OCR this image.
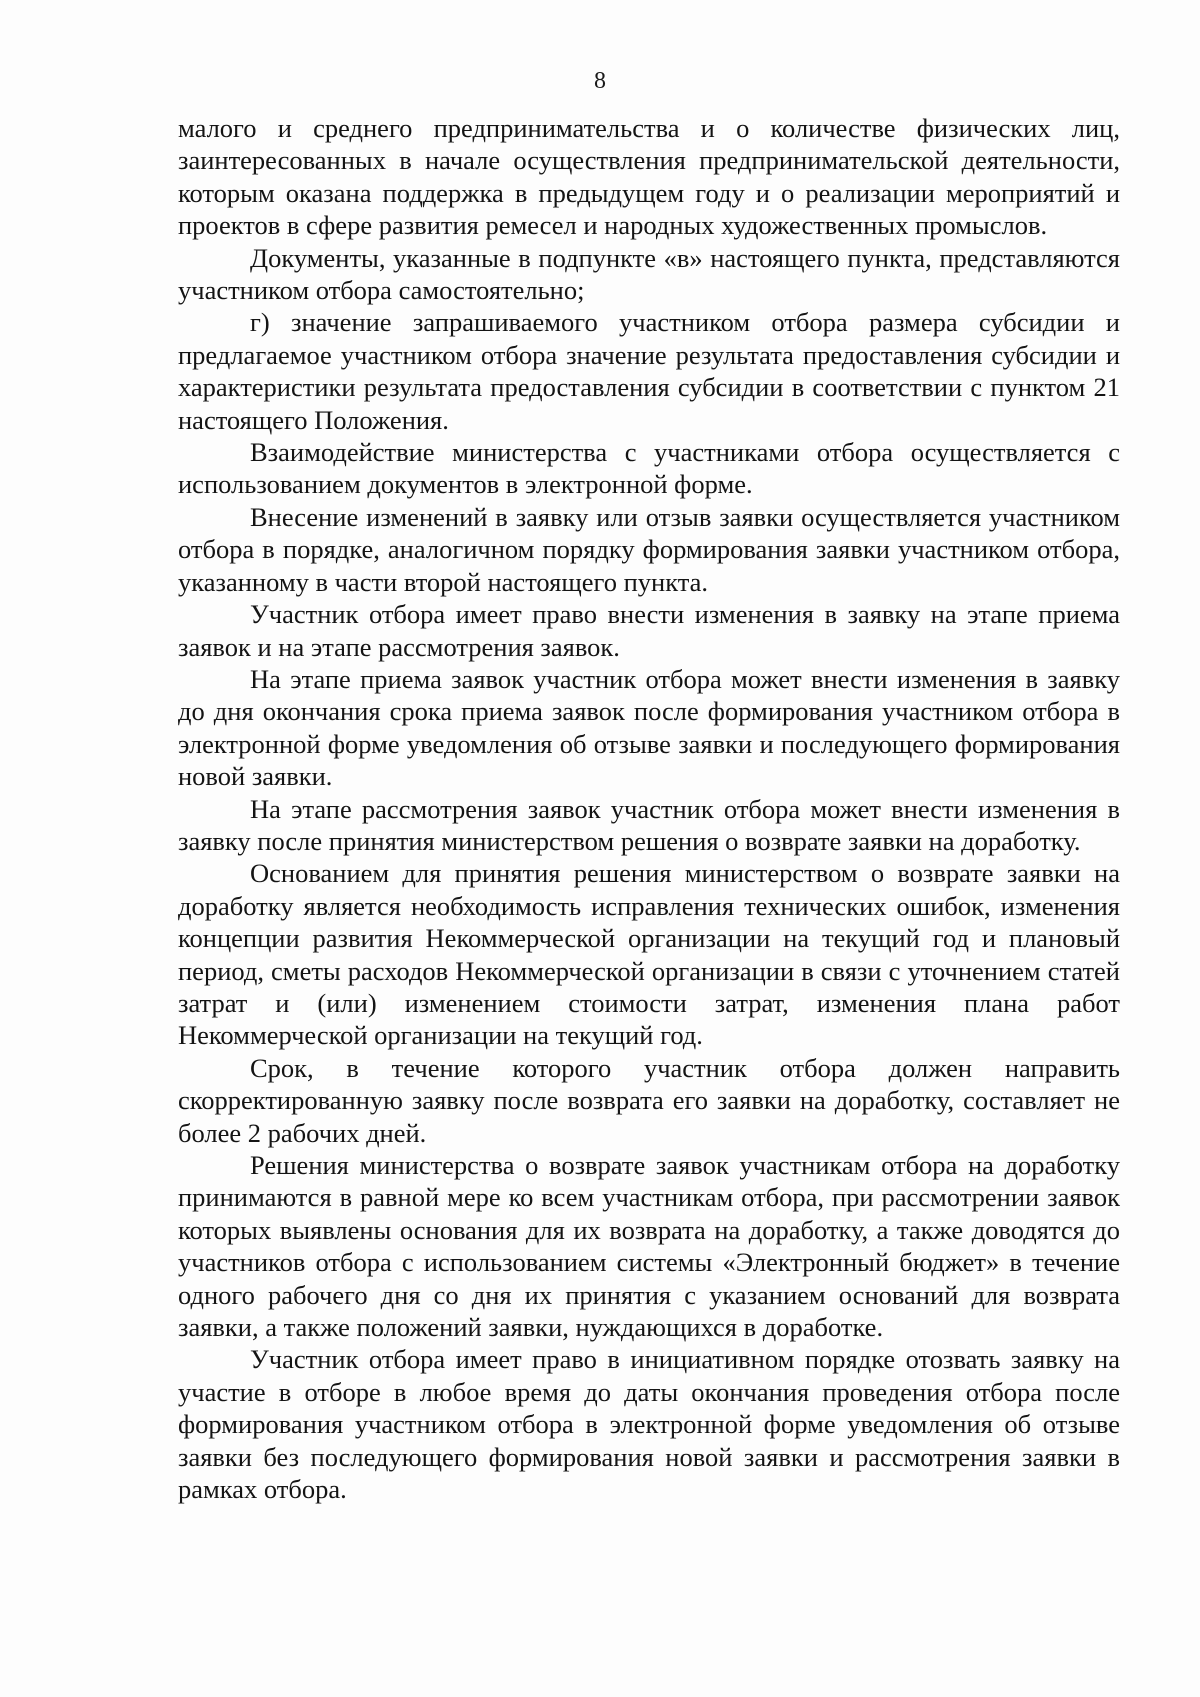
8

малого и среднего предпринимательства и о количестве физических лиц, заинтересованных в начале осуществления предпринимательской деятельности, которым оказана поддержка в предыдущем году и о реализации мероприятий и проектов в сфере развития ремесел и народных художественных промыслов.

Документы, указанные в подпункте «в» настоящего пункта, представляются участником отбора самостоятельно;

г) значение запрашиваемого участником отбора размера субсидии и предлагаемое участником отбора значение результата предоставления субсидии и характеристики результата предоставления субсидии в соответствии с пунктом 21 настоящего Положения.

Взаимодействие министерства с участниками отбора осуществляется с использованием документов в электронной форме.

Внесение изменений в заявку или отзыв заявки осуществляется участником отбора в порядке, аналогичном порядку формирования заявки участником отбора, указанному в части второй настоящего пункта.

Участник отбора имеет право внести изменения в заявку на этапе приема заявок и на этапе рассмотрения заявок.

На этапе приема заявок участник отбора может внести изменения в заявку до дня окончания срока приема заявок после формирования участником отбора в электронной форме уведомления об отзыве заявки и последующего формирования новой заявки.

На этапе рассмотрения заявок участник отбора может внести изменения в заявку после принятия министерством решения о возврате заявки на доработку.

Основанием для принятия решения министерством о возврате заявки на доработку является необходимость исправления технических ошибок, изменения концепции развития Некоммерческой организации на текущий год и плановый период, сметы расходов Некоммерческой организации в связи с уточнением статей затрат и (или) изменением стоимости затрат, изменения плана работ Некоммерческой организации на текущий год.

Срок, в течение которого участник отбора должен направить скорректированную заявку после возврата его заявки на доработку, составляет не более 2 рабочих дней.

Решения министерства о возврате заявок участникам отбора на доработку принимаются в равной мере ко всем участникам отбора, при рассмотрении заявок которых выявлены основания для их возврата на доработку, а также доводятся до участников отбора с использованием системы «Электронный бюджет» в течение одного рабочего дня со дня их принятия с указанием оснований для возврата заявки, а также положений заявки, нуждающихся в доработке.

Участник отбора имеет право в инициативном порядке отозвать заявку на участие в отборе в любое время до даты окончания проведения отбора после формирования участником отбора в электронной форме уведомления об отзыве заявки без последующего формирования новой заявки и рассмотрения заявки в рамках отбора.
